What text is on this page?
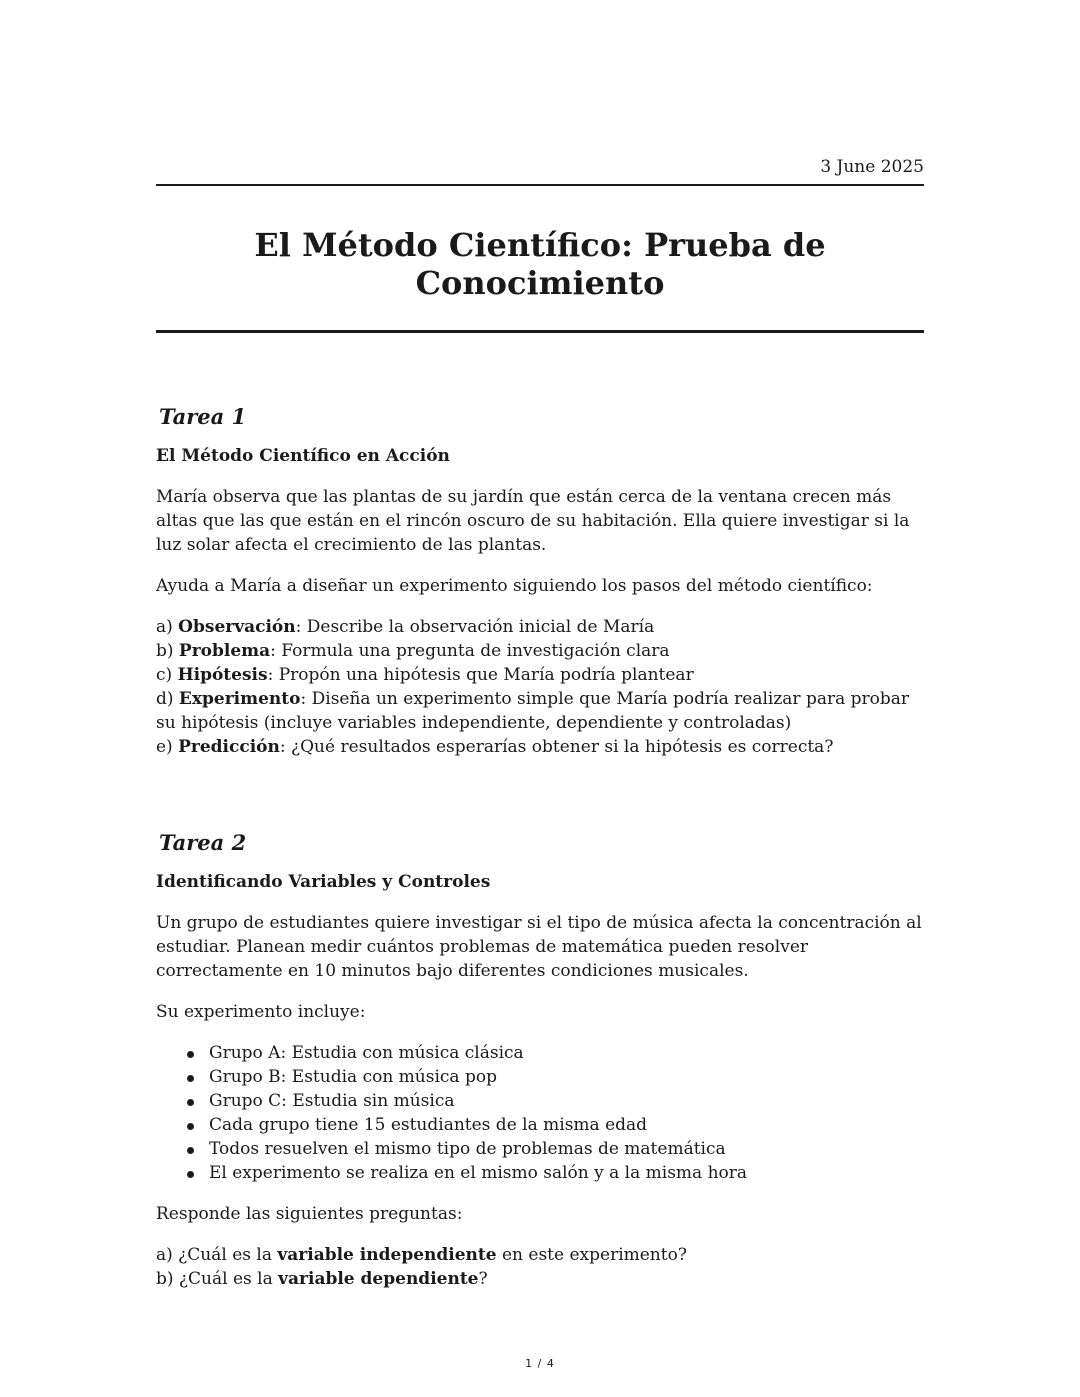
3 June 2025
El Método Científico: Prueba de Conocimiento
Tarea 1
El Método Científico en Acción

María observa que las plantas de su jardín que están cerca de la ventana crecen más altas que las que están en el rincón oscuro de su habitación. Ella quiere investigar si la luz solar afecta el crecimiento de las plantas.

Ayuda a María a diseñar un experimento siguiendo los pasos del método científico:

a) Observación: Describe la observación inicial de María
b) Problema: Formula una pregunta de investigación clara
c) Hipótesis: Propón una hipótesis que María podría plantear
d) Experimento: Diseña un experimento simple que María podría realizar para probar su hipótesis (incluye variables independiente, dependiente y controladas)
e) Predicción: ¿Qué resultados esperarías obtener si la hipótesis es correcta?
Tarea 2
Identificando Variables y Controles

Un grupo de estudiantes quiere investigar si el tipo de música afecta la concentración al estudiar. Planean medir cuántos problemas de matemática pueden resolver correctamente en 10 minutos bajo diferentes condiciones musicales.

Su experimento incluye:

Grupo A: Estudia con música clásica
Grupo B: Estudia con música pop
Grupo C: Estudia sin música
Cada grupo tiene 15 estudiantes de la misma edad
Todos resuelven el mismo tipo de problemas de matemática
El experimento se realiza en el mismo salón y a la misma hora

Responde las siguientes preguntas:

a) ¿Cuál es la variable independiente en este experimento?
b) ¿Cuál es la variable dependiente?
1 / 4
